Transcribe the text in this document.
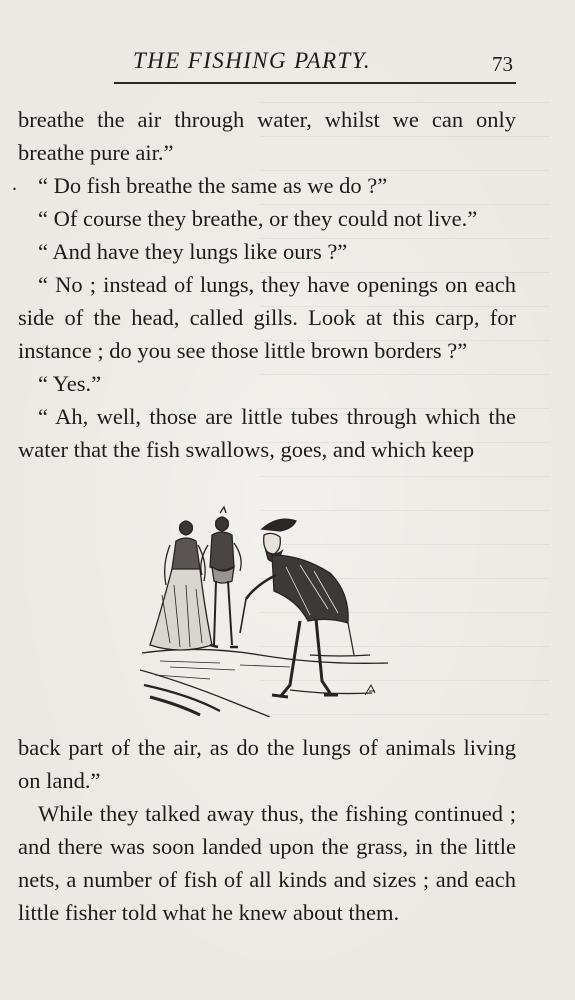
THE FISHING PARTY.	73
.

breathe the air through water, whilst we can only breathe pure air.”

“ Do fish breathe the same as we do ?”

“ Of course they breathe, or they could not live.”

“ And have they lungs like ours ?”

“ No ; instead of lungs, they have openings on each side of the head, called gills. Look at this carp, for instance ; do you see those little brown borders ?”

“ Yes.”

“ Ah, well, those are little tubes through which the water that the fish swallows, goes, and which keep

back part of the air, as do the lungs of animals living on land.”

While they talked away thus, the fishing continued ; and there was soon landed upon the grass, in the little nets, a number of fish of all kinds and sizes ; and each little fisher told what he knew about them.
